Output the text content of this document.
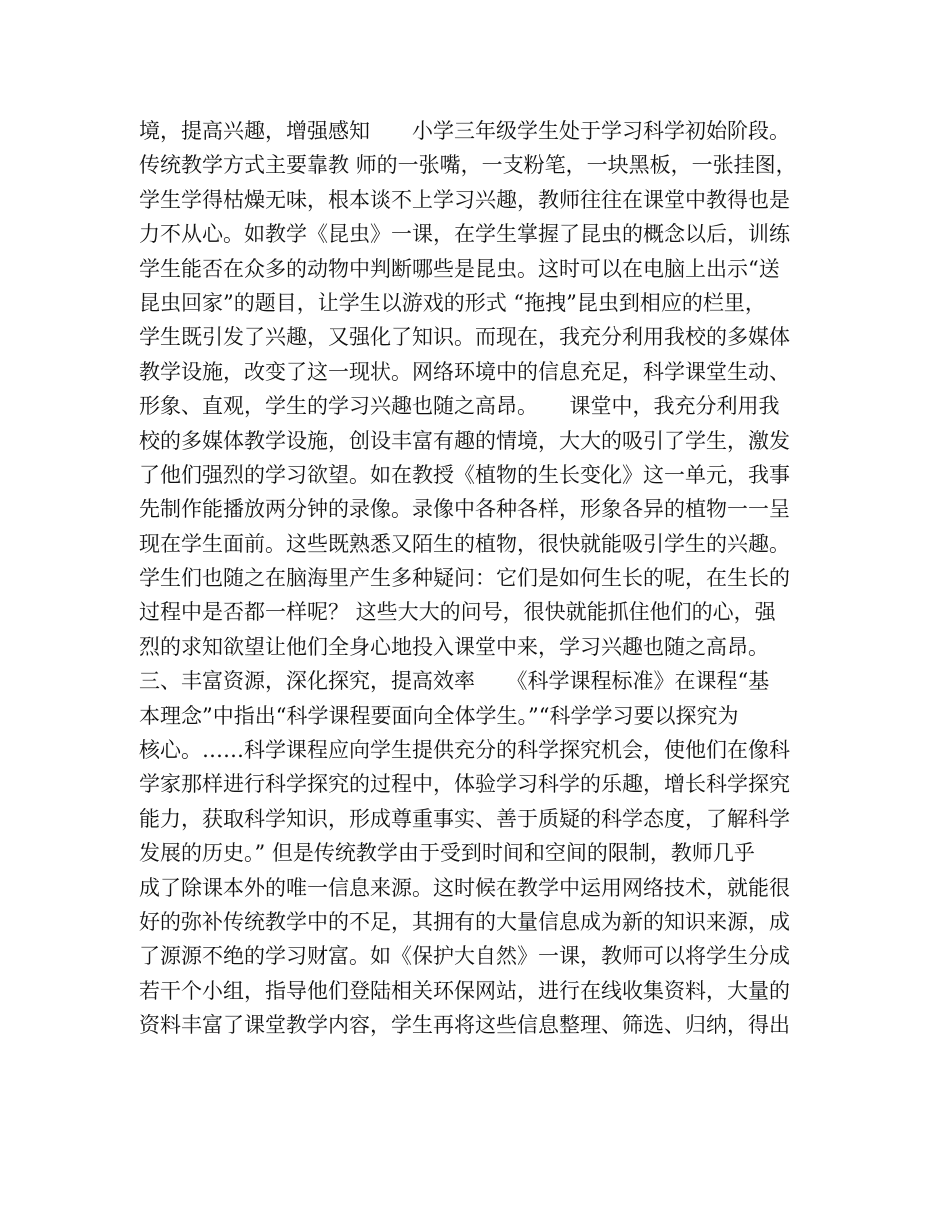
境，提高兴趣，增强感知　　小学三年级学生处于学习科学初始阶段。
传统教学方式主要靠教 师的一张嘴，一支粉笔，一块黑板，一张挂图，
学生学得枯燥无味，根本谈不上学习兴趣，教师往往在课堂中教得也是
力不从心。如教学《昆虫》一课，在学生掌握了昆虫的概念以后，训练
学生能否在众多的动物中判断哪些是昆虫。这时可以在电脑上出示“送
昆虫回家”的题目，让学生以游戏的形式 “拖拽”昆虫到相应的栏里，
学生既引发了兴趣，又强化了知识。而现在，我充分利用我校的多媒体
教学设施，改变了这一现状。网络环境中的信息充足，科学课堂生动、
形象、直观，学生的学习兴趣也随之高昂。　　课堂中，我充分利用我
校的多媒体教学设施，创设丰富有趣的情境，大大的吸引了学生，激发
了他们强烈的学习欲望。如在教授《植物的生长变化》这一单元，我事
先制作能播放两分钟的录像。录像中各种各样，形象各异的植物一一呈
现在学生面前。这些既熟悉又陌生的植物，很快就能吸引学生的兴趣。
学生们也随之在脑海里产生多种疑问：它们是如何生长的呢，在生长的
过程中是否都一样呢？ 这些大大的问号，很快就能抓住他们的心，强
烈的求知欲望让他们全身心地投入课堂中来，学习兴趣也随之高昂。
三、丰富资源，深化探究，提高效率　　《科学课程标准》在课程“基
本理念”中指出“科学课程要面向全体学生。”“科学学习要以探究为
核心。……科学课程应向学生提供充分的科学探究机会，使他们在像科
学家那样进行科学探究的过程中，体验学习科学的乐趣，增长科学探究
能力，获取科学知识，形成尊重事实、善于质疑的科学态度，了解科学
发展的历史。” 但是传统教学由于受到时间和空间的限制，教师几乎
成了除课本外的唯一信息来源。这时候在教学中运用网络技术，就能很
好的弥补传统教学中的不足，其拥有的大量信息成为新的知识来源，成
了源源不绝的学习财富。如《保护大自然》一课，教师可以将学生分成
若干个小组，指导他们登陆相关环保网站，进行在线收集资料，大量的
资料丰富了课堂教学内容，学生再将这些信息整理、筛选、归纳，得出
